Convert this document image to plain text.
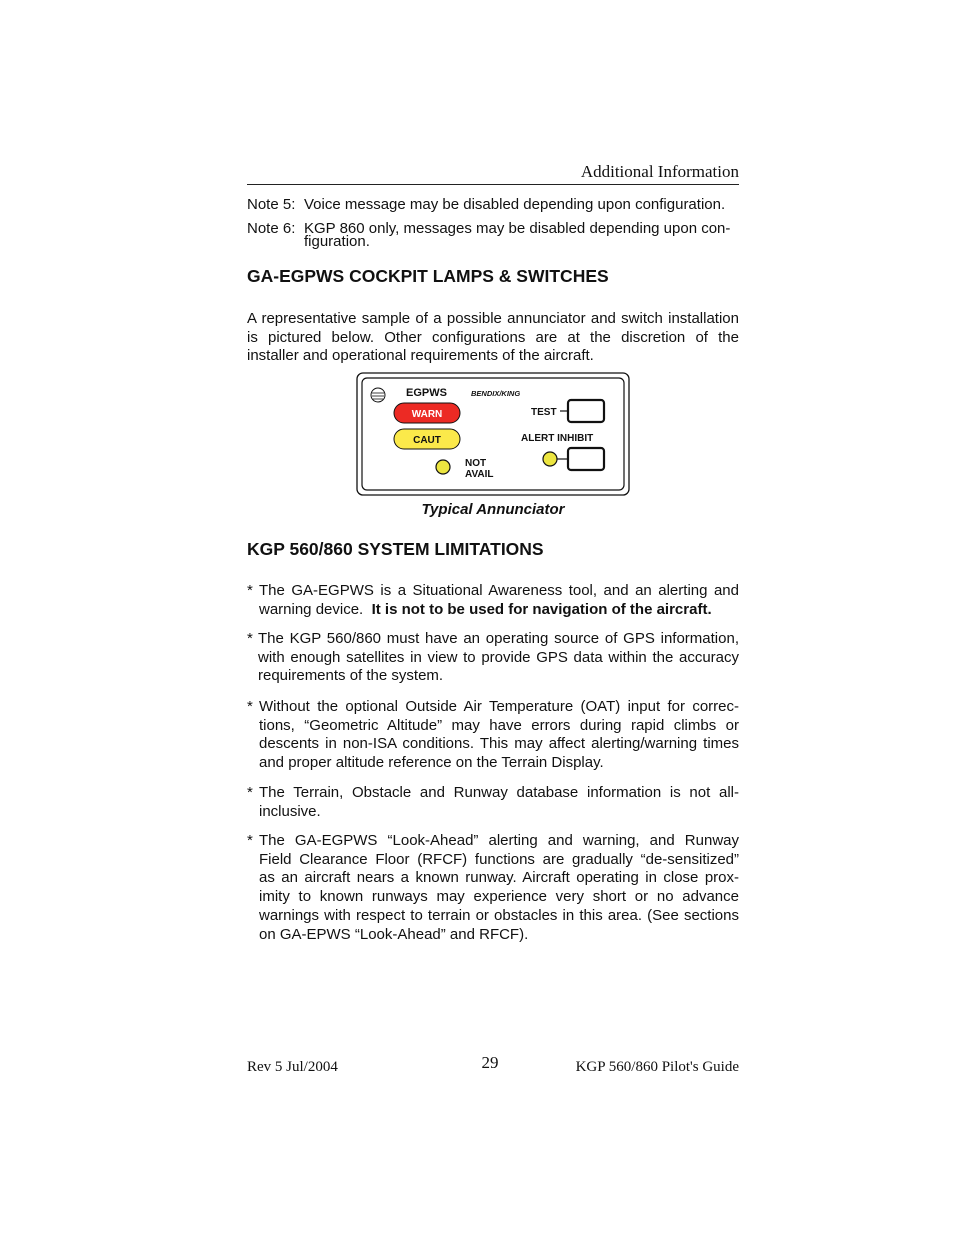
Additional Information
Note 5: Voice message may be disabled depending upon configuration.
Note 6: KGP 860 only, messages may be disabled depending upon con-
figuration.
GA-EGPWS COCKPIT LAMPS & SWITCHES
A representative sample of a possible annunciator and switch installation
is pictured below. Other configurations are at the discretion of the
installer and operational requirements of the aircraft.
EGPWS	BENDIX/KING
WARN
CAUT
NOT
AVAIL
TEST
ALERT INHIBIT
Typical Annunciator
KGP 560/860 SYSTEM LIMITATIONS
* The GA-EGPWS is a Situational Awareness tool, and an alerting and
warning device. It is not to be used for navigation of the aircraft.
* The KGP 560/860 must have an operating source of GPS information,
with enough satellites in view to provide GPS data within the accuracy
requirements of the system.
* Without the optional Outside Air Temperature (OAT) input for correc-
tions, “Geometric Altitude” may have errors during rapid climbs or
descents in non-ISA conditions. This may affect alerting/warning times
and proper altitude reference on the Terrain Display.
* The Terrain, Obstacle and Runway database information is not all-
inclusive.
* The GA-EGPWS “Look-Ahead” alerting and warning, and Runway
Field Clearance Floor (RFCF) functions are gradually “de-sensitized”
as an aircraft nears a known runway. Aircraft operating in close prox-
imity to known runways may experience very short or no advance
warnings with respect to terrain or obstacles in this area. (See sections
on GA-EPWS “Look-Ahead” and RFCF).
Rev 5 Jul/2004	29	KGP 560/860 Pilot's Guide
